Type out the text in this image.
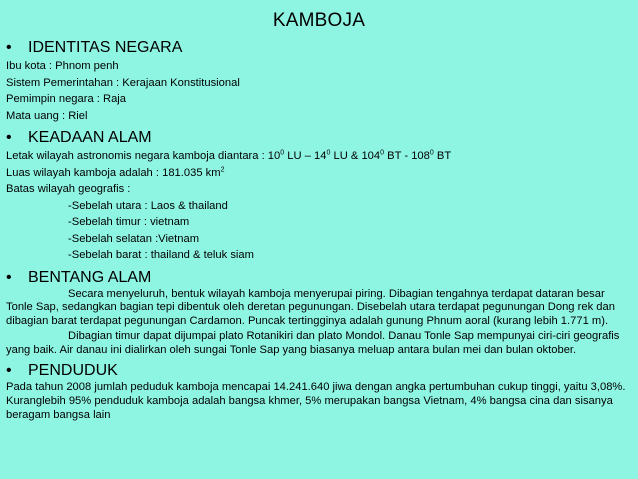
KAMBOJA
• IDENTITAS NEGARA
Ibu kota : Phnom penh
Sistem Pemerintahan : Kerajaan Konstitusional
Pemimpin negara : Raja
Mata uang : Riel
• KEADAAN ALAM
Letak wilayah astronomis negara kamboja diantara : $10^0$ LU – $14^0$ LU & $104^0$ BT - $108^0$ BT
Luas wilayah kamboja adalah : 181.035 $km^2$
Batas wilayah geografis :
-Sebelah utara : Laos & thailand
-Sebelah timur : vietnam
-Sebelah selatan :Vietnam
-Sebelah barat : thailand & teluk siam
• BENTANG ALAM
Secara menyeluruh, bentuk wilayah kamboja menyerupai piring. Dibagian tengahnya terdapat dataran besar Tonle Sap, sedangkan bagian tepi dibentuk oleh deretan pegunungan. Disebelah utara terdapat pegunungan Dong rek dan dibagian barat terdapat pegunungan Cardamon. Puncak tertingginya adalah gunung Phnum aoral (kurang lebih 1.771 m).
Dibagian timur dapat dijumpai plato Rotanikiri dan plato Mondol. Danau Tonle Sap mempunyai ciri-ciri geografis yang baik. Air danau ini dialirkan oleh sungai Tonle Sap yang biasanya meluap antara bulan mei dan bulan oktober.
• PENDUDUK
Pada tahun 2008 jumlah peduduk kamboja mencapai 14.241.640 jiwa dengan angka pertumbuhan cukup tinggi, yaitu 3,08%. Kuranglebih 95% penduduk kamboja adalah bangsa khmer, 5% merupakan bangsa Vietnam, 4% bangsa cina dan sisanya beragam bangsa lain
